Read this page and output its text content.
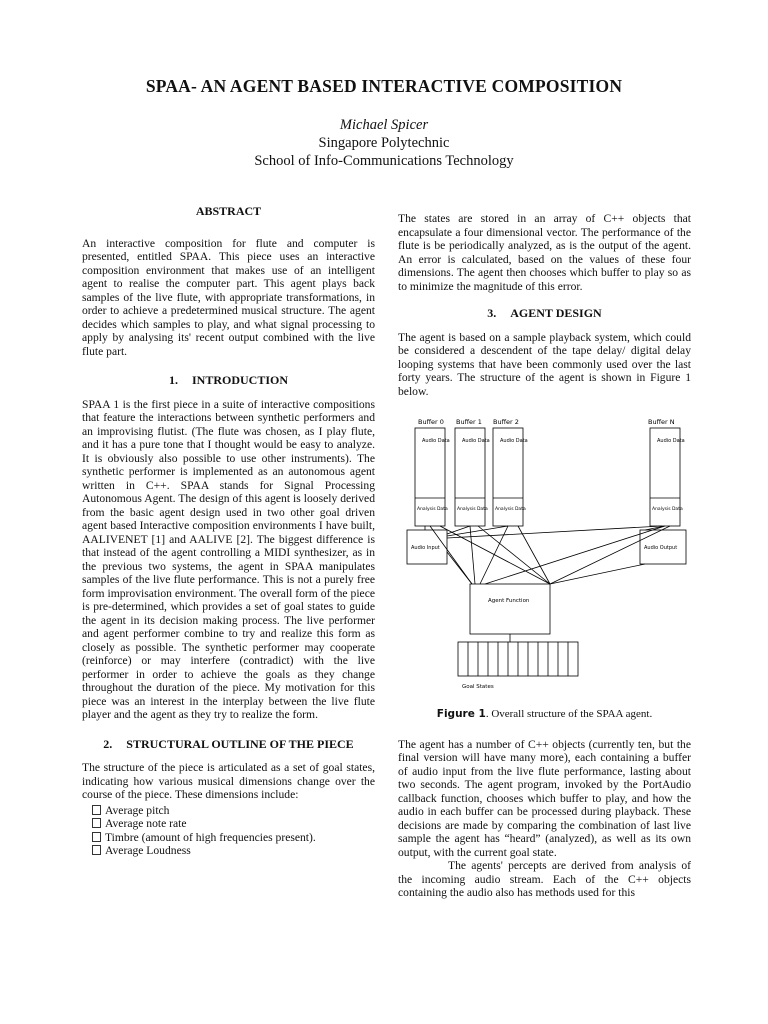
SPAA- AN AGENT BASED INTERACTIVE COMPOSITION
Michael Spicer
Singapore Polytechnic
School of Info-Communications Technology
ABSTRACT

An interactive composition for flute and computer is presented, entitled SPAA. This piece uses an interactive composition environment that makes use of an intelligent agent to realise the computer part. This agent plays back samples of the live flute, with appropriate transformations, in order to achieve a predetermined musical structure. The agent decides which samples to play, and what signal processing to apply by analysing its' recent output combined with the live flute part.

1. INTRODUCTION

SPAA 1 is the first piece in a suite of interactive compositions that feature the interactions between synthetic performers and an improvising flutist. (The flute was chosen, as I play flute, and it has a pure tone that I thought would be easy to analyze. It is obviously also possible to use other instruments). The synthetic performer is implemented as an autonomous agent written in C++. SPAA stands for Signal Processing Autonomous Agent. The design of this agent is loosely derived from the basic agent design used in two other goal driven agent based Interactive composition environments I have built, AALIVENET [1] and AALIVE [2]. The biggest difference is that instead of the agent controlling a MIDI synthesizer, as in the previous two systems, the agent in SPAA manipulates samples of the live flute performance. This is not a purely free form improvisation environment. The overall form of the piece is pre-determined, which provides a set of goal states to guide the agent in its decision making process. The live performer and agent performer combine to try and realize this form as closely as possible. The synthetic performer may cooperate (reinforce) or may interfere (contradict) with the live performer in order to achieve the goals as they change throughout the duration of the piece. My motivation for this piece was an interest in the interplay between the live flute player and the agent as they try to realize the form.

2. STRUCTURAL OUTLINE OF THE PIECE

The structure of the piece is articulated as a set of goal states, indicating how various musical dimensions change over the course of the piece. These dimensions include:

Average pitch
Average note rate
Timbre (amount of high frequencies present).
Average Loudness

The states are stored in an array of C++ objects that encapsulate a four dimensional vector. The performance of the flute is be periodically analyzed, as is the output of the agent. An error is calculated, based on the values of these four dimensions. The agent then chooses which buffer to play so as to minimize the magnitude of this error.

3. AGENT DESIGN

The agent is based on a sample playback system, which could be considered a descendent of the tape delay/ digital delay looping systems that have been commonly used over the last forty years. The structure of the agent is shown in Figure 1 below.

Buffer 0 Buffer 1 Buffer 2	Buffer N
Audio Data
Analysis Data
Audio Data
Analysis Data
Audio Data
Analysis Data
Audio Data
Analysis Data
Audio Input	Audio Output
Agent Function
Goal States
Figure 1. Overall structure of the SPAA agent.

The agent has a number of C++ objects (currently ten, but the final version will have many more), each containing a buffer of audio input from the live flute performance, lasting about two seconds. The agent program, invoked by the PortAudio callback function, chooses which buffer to play, and how the audio in each buffer can be processed during playback. These decisions are made by comparing the combination of last live sample the agent has “heard” (analyzed), as well as its own output, with the current goal state.

The agents' percepts are derived from analysis of the incoming audio stream. Each of the C++ objects containing the audio also has methods used for this
